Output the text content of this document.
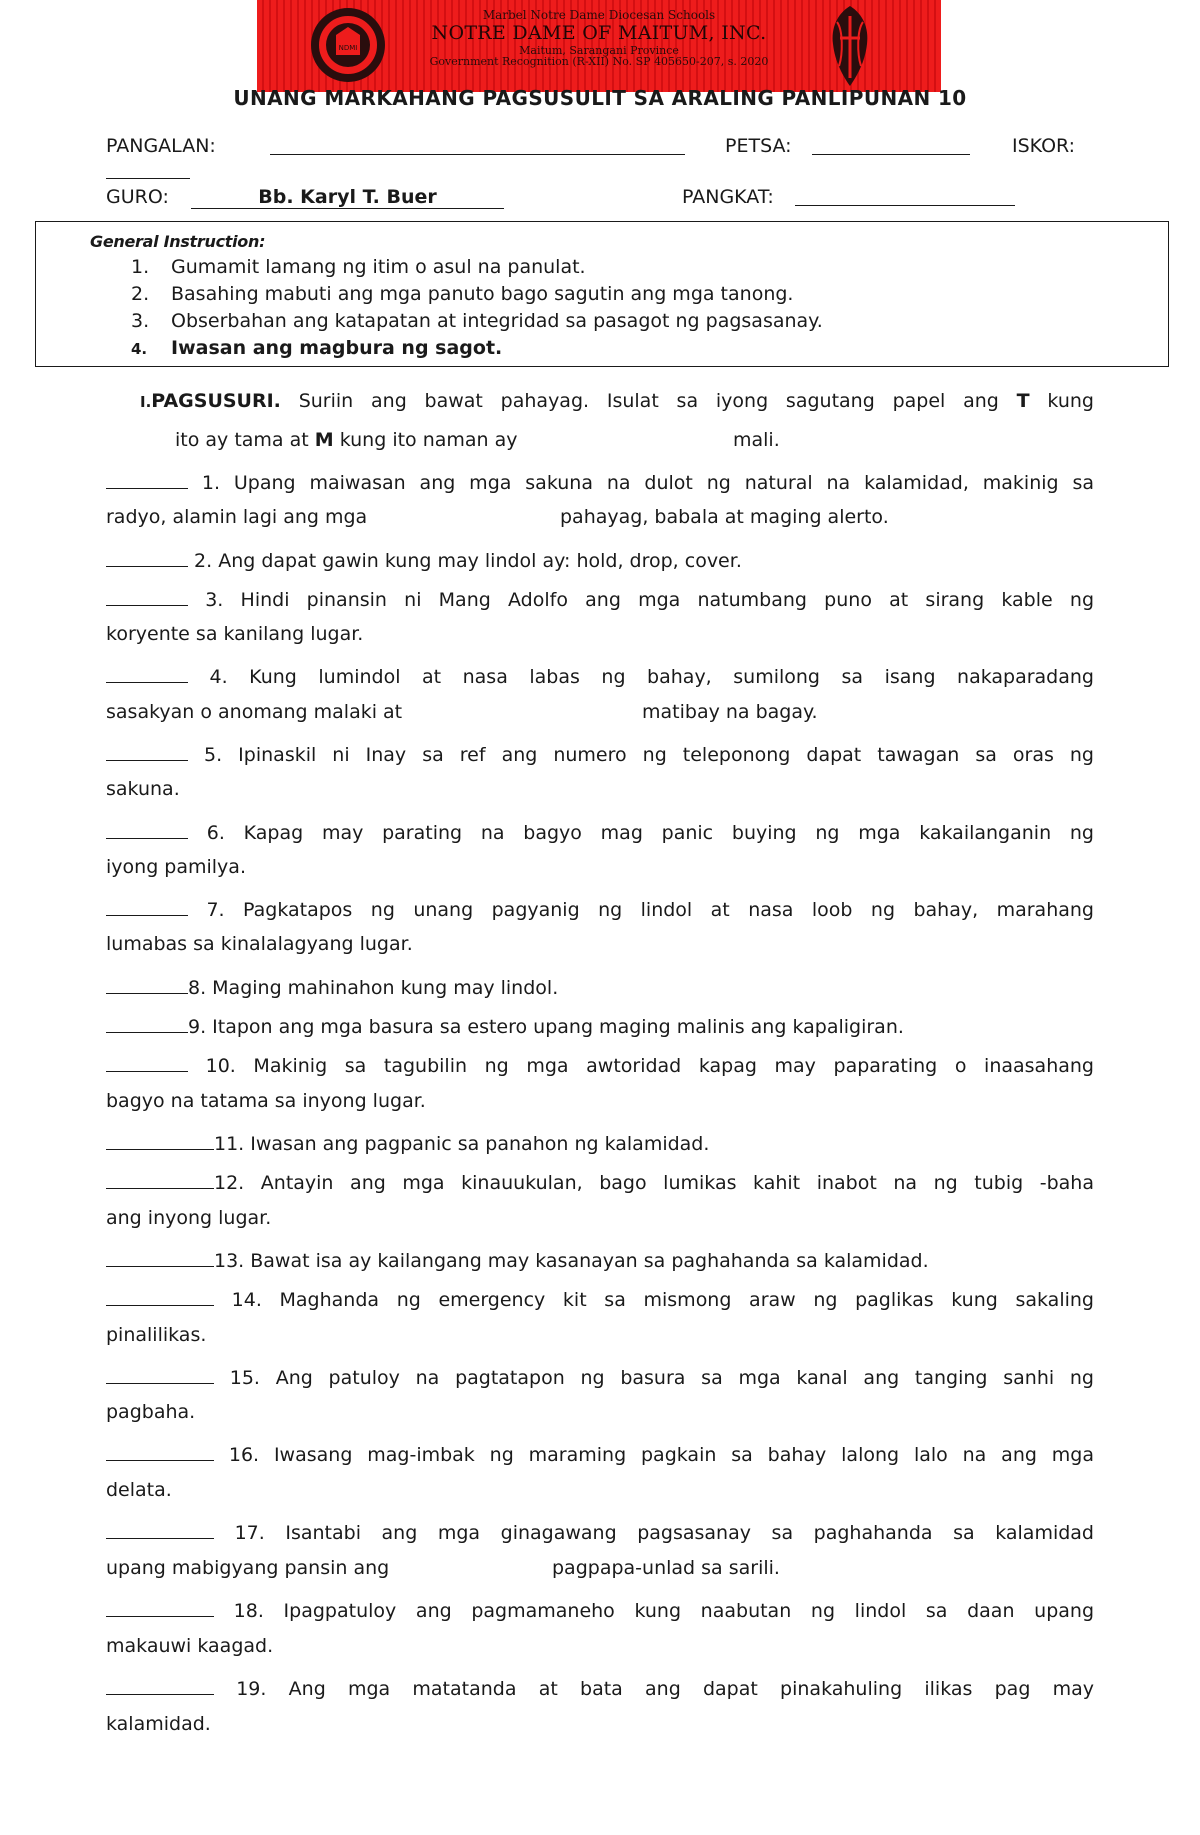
NDMI
Marbel Notre Dame Diocesan Schools
NOTRE DAME OF MAITUM, INC.
Maitum, Sarangani Province
Government Recognition (R-XII) No. SP 405650-207, s. 2020
UNANG MARKAHANG PAGSUSULIT SA ARALING PANLIPUNAN 10
PANGALAN:	PETSA:	ISKOR:
GURO:	Bb. Karyl T. Buer	PANGKAT:
General Instruction:
1. Gumamit lamang ng itim o asul na panulat.
2. Basahing mabuti ang mga panuto bago sagutin ang mga tanong.
3. Obserbahan ang katapatan at integridad sa pasagot ng pagsasanay.
4. Iwasan ang magbura ng sagot.
I.PAGSUSURI. Suriin ang bawat pahayag. Isulat sa iyong sagutang papel ang T kung
ito ay tama at M kung ito naman ay	mali.
1. Upang maiwasan ang mga sakuna na dulot ng natural na kalamidad, makinig sa
radyo, alamin lagi ang mga	pahayag, babala at maging alerto.
2. Ang dapat gawin kung may lindol ay: hold, drop, cover.
3. Hindi pinansin ni Mang Adolfo ang mga natumbang puno at sirang kable ng
koryente sa kanilang lugar.
4. Kung lumindol at nasa labas ng bahay, sumilong sa isang nakaparadang
sasakyan o anomang malaki at	matibay na bagay.
5. Ipinaskil ni Inay sa ref ang numero ng teleponong dapat tawagan sa oras ng
sakuna.
6. Kapag may parating na bagyo mag panic buying ng mga kakailanganin ng
iyong pamilya.
7. Pagkatapos ng unang pagyanig ng lindol at nasa loob ng bahay, marahang
lumabas sa kinalalagyang lugar.
8. Maging mahinahon kung may lindol.
9. Itapon ang mga basura sa estero upang maging malinis ang kapaligiran.
10. Makinig sa tagubilin ng mga awtoridad kapag may paparating o inaasahang
bagyo na tatama sa inyong lugar.
11. Iwasan ang pagpanic sa panahon ng kalamidad.
12. Antayin ang mga kinauukulan, bago lumikas kahit inabot na ng tubig -baha
ang inyong lugar.
13. Bawat isa ay kailangang may kasanayan sa paghahanda sa kalamidad.
14. Maghanda ng emergency kit sa mismong araw ng paglikas kung sakaling
pinalilikas.
15. Ang patuloy na pagtatapon ng basura sa mga kanal ang tanging sanhi ng
pagbaha.
16. Iwasang mag-imbak ng maraming pagkain sa bahay lalong lalo na ang mga
delata.
17. Isantabi ang mga ginagawang pagsasanay sa paghahanda sa kalamidad
upang mabigyang pansin ang	pagpapa-unlad sa sarili.
18. Ipagpatuloy ang pagmamaneho kung naabutan ng lindol sa daan upang
makauwi kaagad.
19. Ang mga matatanda at bata ang dapat pinakahuling ilikas pag may
kalamidad.
